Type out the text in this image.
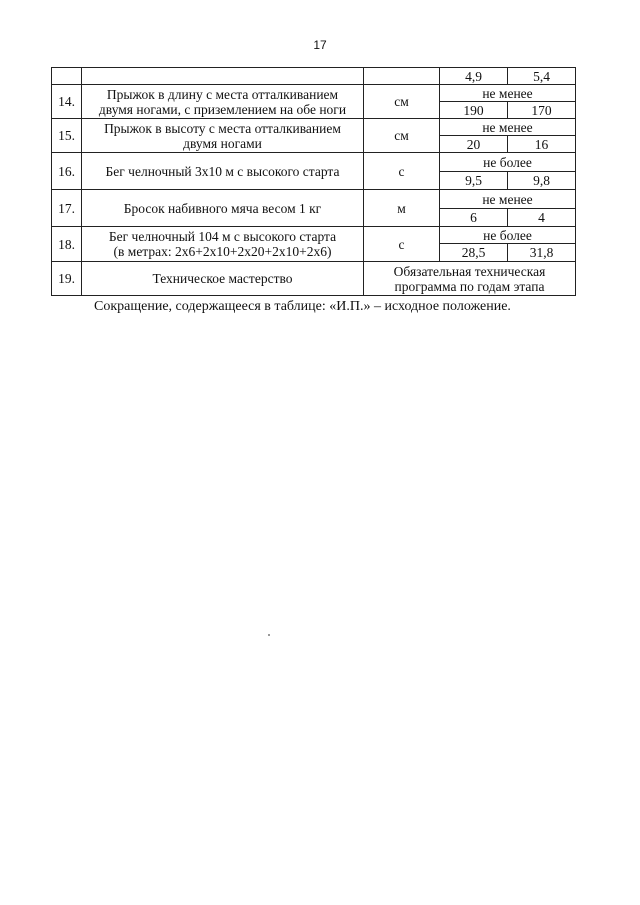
17
			4,9	5,4
14.	Прыжок в длину с места отталкиванием
двумя ногами, с приземлением на обе ноги	см	не менее	
			190	170
15.	Прыжок в высоту с места отталкиванием
двумя ногами	см	не менее	
			20	16
16.	Бег челночный 3х10 м с высокого старта	с	не более	
			9,5	9,8
17.	Бросок набивного мяча весом 1 кг	м	не менее	
			6	4
18.	Бег челночный 104 м с высокого старта
(в метрах: 2х6+2х10+2х20+2х10+2х6)	с	не более	
			28,5	31,8
19.	Техническое мастерство	Обязательная техническая
программа по годам этапа		
Сокращение, содержащееся в таблице: «И.П.» – исходное положение.
